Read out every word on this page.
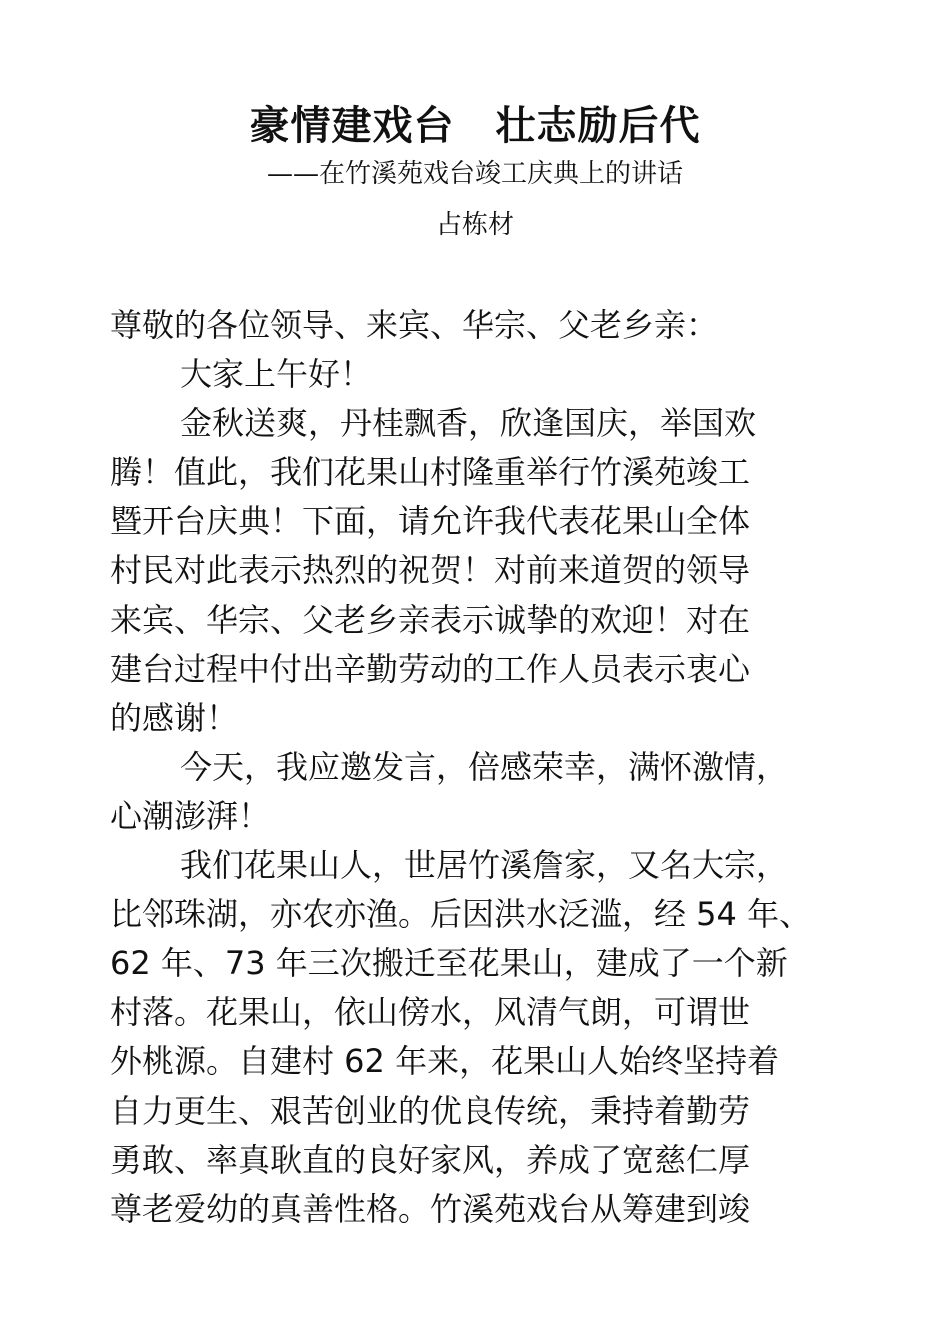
豪情建戏台　壮志励后代
——在竹溪苑戏台竣工庆典上的讲话
占栋材
尊敬的各位领导、来宾、华宗、父老乡亲：
大家上午好！
金秋送爽，丹桂飘香，欣逢国庆，举国欢
腾！值此，我们花果山村隆重举行竹溪苑竣工
暨开台庆典！下面，请允许我代表花果山全体
村民对此表示热烈的祝贺！对前来道贺的领导
来宾、华宗、父老乡亲表示诚挚的欢迎！对在
建台过程中付出辛勤劳动的工作人员表示衷心
的感谢！
今天，我应邀发言，倍感荣幸，满怀激情，
心潮澎湃！
我们花果山人，世居竹溪詹家，又名大宗，
比邻珠湖，亦农亦渔。后因洪水泛滥，经 54 年、
62 年、73 年三次搬迁至花果山，建成了一个新
村落。花果山，依山傍水，风清气朗，可谓世
外桃源。自建村 62 年来，花果山人始终坚持着
自力更生、艰苦创业的优良传统，秉持着勤劳
勇敢、率真耿直的良好家风，养成了宽慈仁厚
尊老爱幼的真善性格。竹溪苑戏台从筹建到竣
